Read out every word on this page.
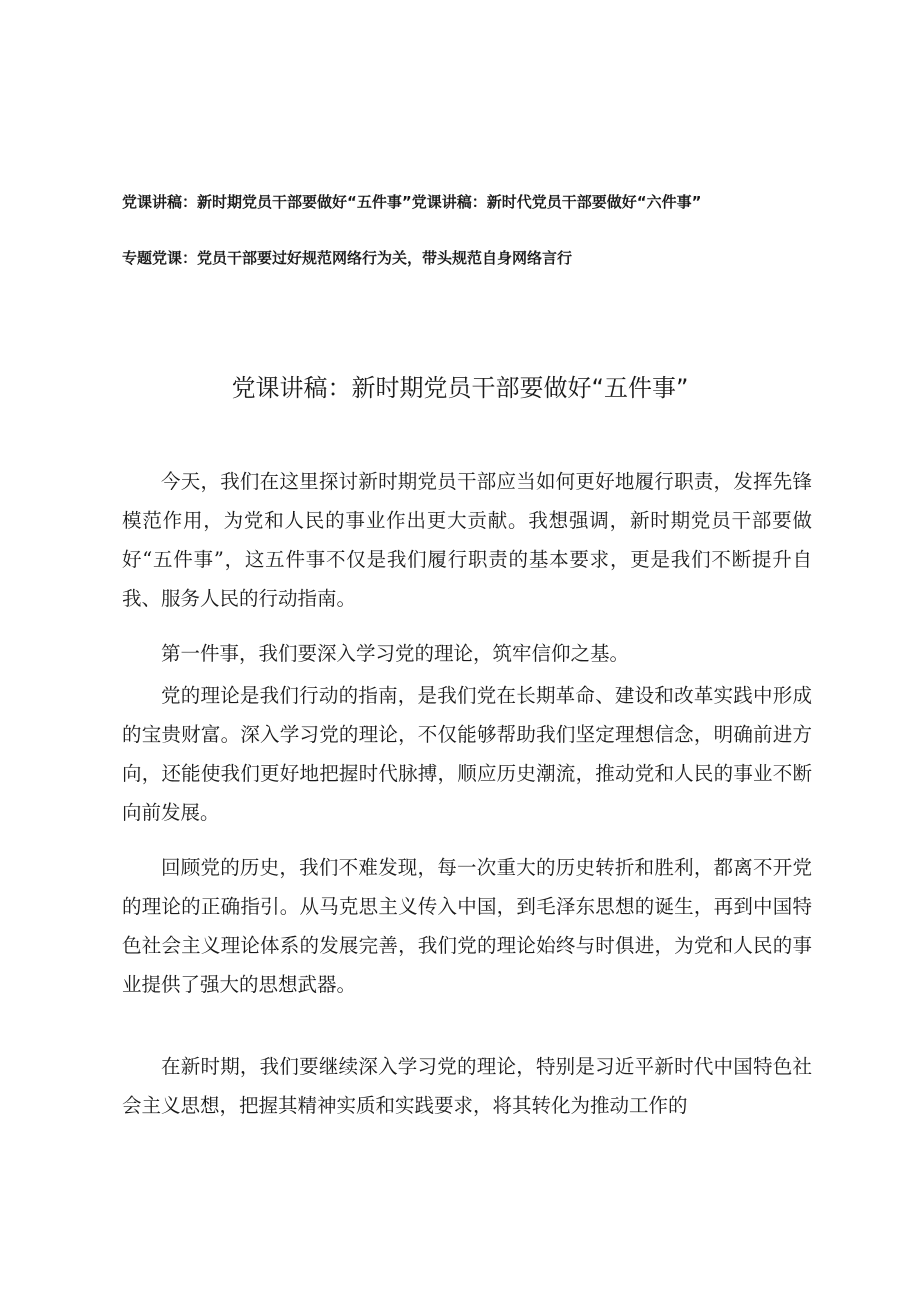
党课讲稿：新时期党员干部要做好“五件事”党课讲稿：新时代党员干部要做好“六件事”
专题党课：党员干部要过好规范网络行为关，带头规范自身网络言行
党课讲稿：新时期党员干部要做好“五件事”

今天，我们在这里探讨新时期党员干部应当如何更好地履行职责，发挥先锋模范作用，为党和人民的事业作出更大贡献。我想强调，新时期党员干部要做好“五件事”，这五件事不仅是我们履行职责的基本要求，更是我们不断提升自我、服务人民的行动指南。

第一件事，我们要深入学习党的理论，筑牢信仰之基。

党的理论是我们行动的指南，是我们党在长期革命、建设和改革实践中形成的宝贵财富。深入学习党的理论，不仅能够帮助我们坚定理想信念，明确前进方向，还能使我们更好地把握时代脉搏，顺应历史潮流，推动党和人民的事业不断向前发展。

回顾党的历史，我们不难发现，每一次重大的历史转折和胜利，都离不开党的理论的正确指引。从马克思主义传入中国，到毛泽东思想的诞生，再到中国特色社会主义理论体系的发展完善，我们党的理论始终与时俱进，为党和人民的事业提供了强大的思想武器。

在新时期，我们要继续深入学习党的理论，特别是习近平新时代中国特色社会主义思想，把握其精神实质和实践要求，将其转化为推动工作的
